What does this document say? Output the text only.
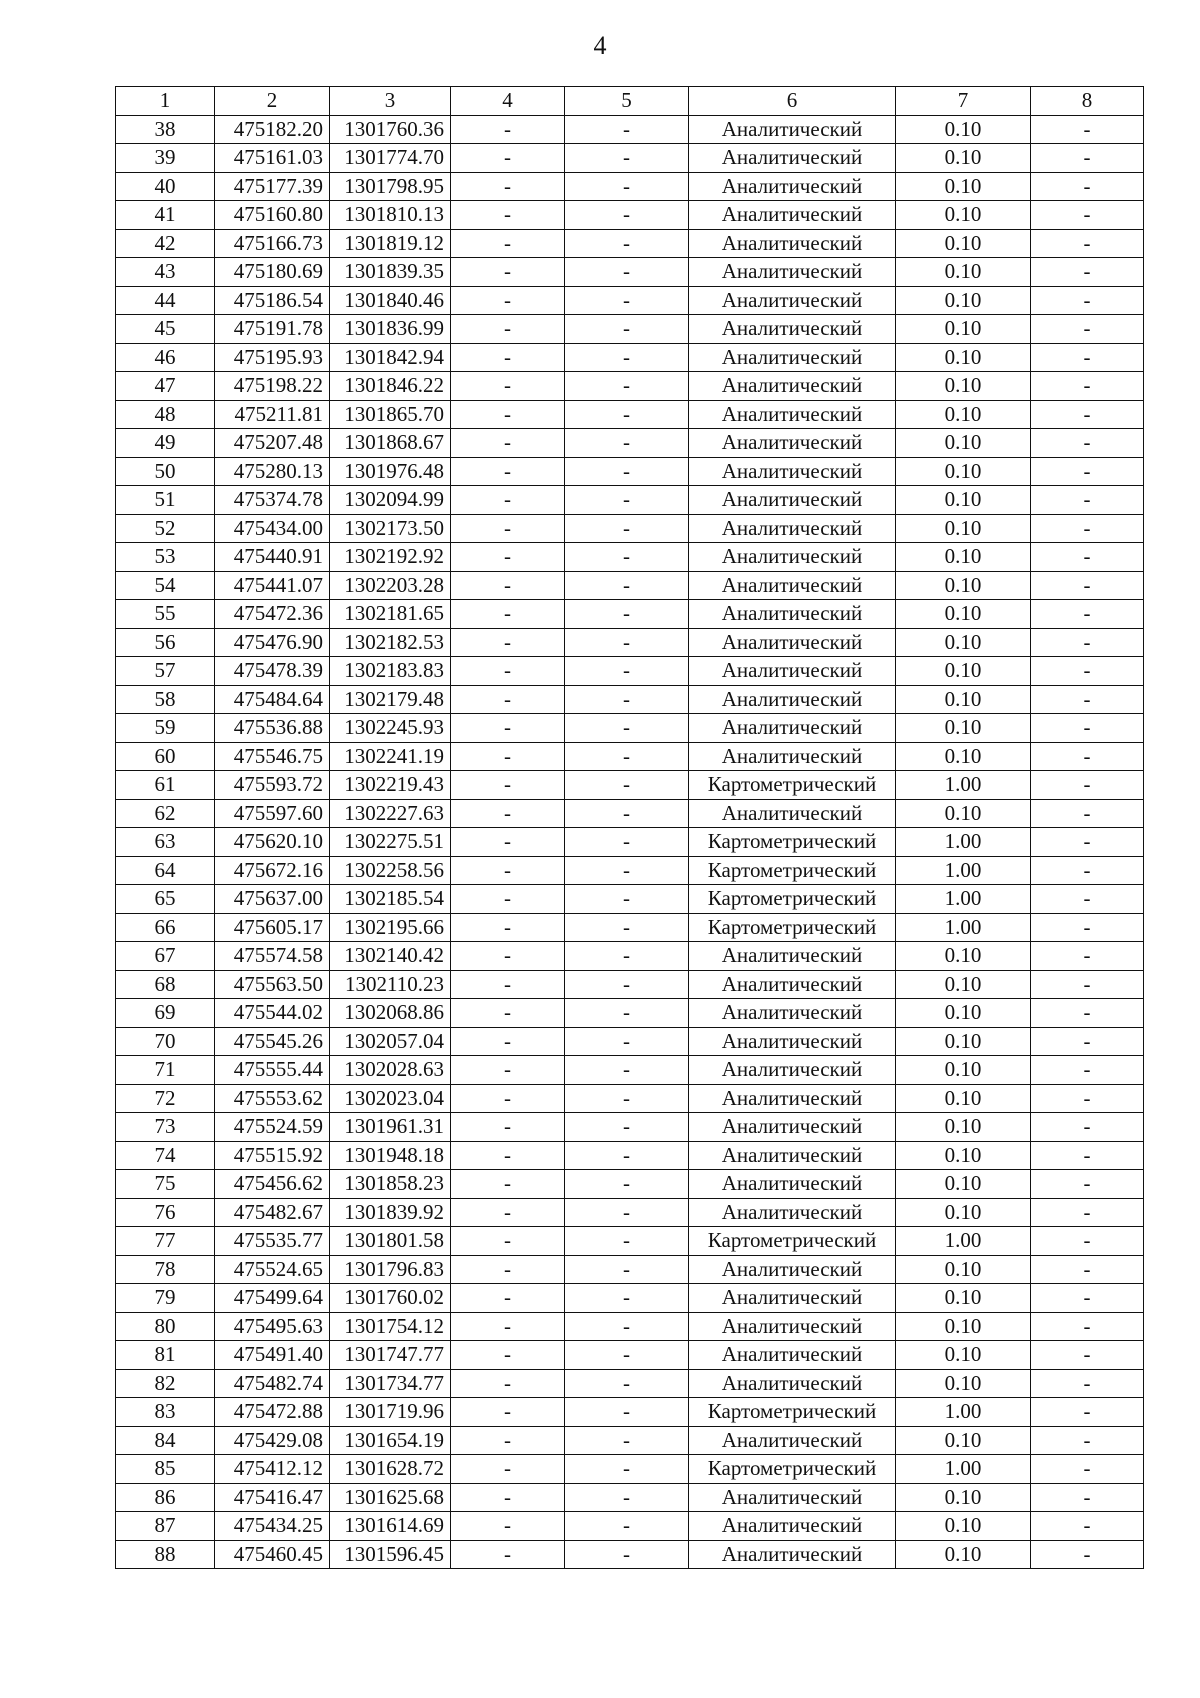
4
1	2	3	4	5	6	7	8
38	475182.20	1301760.36	-	-	Аналитический	0.10	-
39	475161.03	1301774.70	-	-	Аналитический	0.10	-
40	475177.39	1301798.95	-	-	Аналитический	0.10	-
41	475160.80	1301810.13	-	-	Аналитический	0.10	-
42	475166.73	1301819.12	-	-	Аналитический	0.10	-
43	475180.69	1301839.35	-	-	Аналитический	0.10	-
44	475186.54	1301840.46	-	-	Аналитический	0.10	-
45	475191.78	1301836.99	-	-	Аналитический	0.10	-
46	475195.93	1301842.94	-	-	Аналитический	0.10	-
47	475198.22	1301846.22	-	-	Аналитический	0.10	-
48	475211.81	1301865.70	-	-	Аналитический	0.10	-
49	475207.48	1301868.67	-	-	Аналитический	0.10	-
50	475280.13	1301976.48	-	-	Аналитический	0.10	-
51	475374.78	1302094.99	-	-	Аналитический	0.10	-
52	475434.00	1302173.50	-	-	Аналитический	0.10	-
53	475440.91	1302192.92	-	-	Аналитический	0.10	-
54	475441.07	1302203.28	-	-	Аналитический	0.10	-
55	475472.36	1302181.65	-	-	Аналитический	0.10	-
56	475476.90	1302182.53	-	-	Аналитический	0.10	-
57	475478.39	1302183.83	-	-	Аналитический	0.10	-
58	475484.64	1302179.48	-	-	Аналитический	0.10	-
59	475536.88	1302245.93	-	-	Аналитический	0.10	-
60	475546.75	1302241.19	-	-	Аналитический	0.10	-
61	475593.72	1302219.43	-	-	Картометрический	1.00	-
62	475597.60	1302227.63	-	-	Аналитический	0.10	-
63	475620.10	1302275.51	-	-	Картометрический	1.00	-
64	475672.16	1302258.56	-	-	Картометрический	1.00	-
65	475637.00	1302185.54	-	-	Картометрический	1.00	-
66	475605.17	1302195.66	-	-	Картометрический	1.00	-
67	475574.58	1302140.42	-	-	Аналитический	0.10	-
68	475563.50	1302110.23	-	-	Аналитический	0.10	-
69	475544.02	1302068.86	-	-	Аналитический	0.10	-
70	475545.26	1302057.04	-	-	Аналитический	0.10	-
71	475555.44	1302028.63	-	-	Аналитический	0.10	-
72	475553.62	1302023.04	-	-	Аналитический	0.10	-
73	475524.59	1301961.31	-	-	Аналитический	0.10	-
74	475515.92	1301948.18	-	-	Аналитический	0.10	-
75	475456.62	1301858.23	-	-	Аналитический	0.10	-
76	475482.67	1301839.92	-	-	Аналитический	0.10	-
77	475535.77	1301801.58	-	-	Картометрический	1.00	-
78	475524.65	1301796.83	-	-	Аналитический	0.10	-
79	475499.64	1301760.02	-	-	Аналитический	0.10	-
80	475495.63	1301754.12	-	-	Аналитический	0.10	-
81	475491.40	1301747.77	-	-	Аналитический	0.10	-
82	475482.74	1301734.77	-	-	Аналитический	0.10	-
83	475472.88	1301719.96	-	-	Картометрический	1.00	-
84	475429.08	1301654.19	-	-	Аналитический	0.10	-
85	475412.12	1301628.72	-	-	Картометрический	1.00	-
86	475416.47	1301625.68	-	-	Аналитический	0.10	-
87	475434.25	1301614.69	-	-	Аналитический	0.10	-
88	475460.45	1301596.45	-	-	Аналитический	0.10	-
